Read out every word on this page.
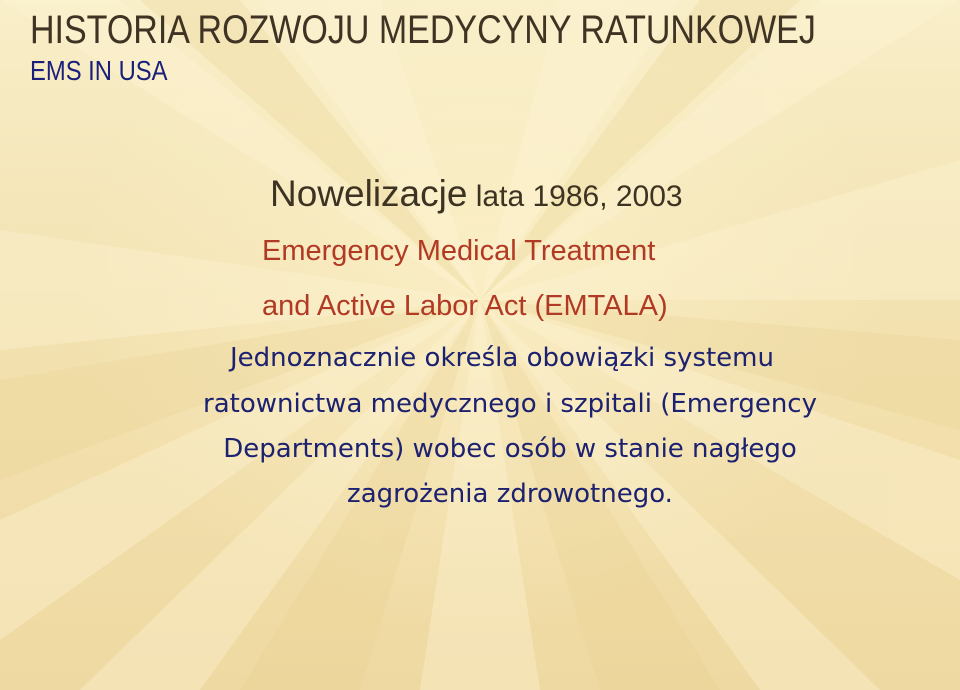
HISTORIA ROZWOJU MEDYCYNY RATUNKOWEJ
EMS IN USA
Nowelizacje lata 1986, 2003
Emergency Medical Treatment
and Active Labor Act (EMTALA)
Jednoznacznie określa obowiązki systemu
ratownictwa medycznego i szpitali (Emergency
Departments) wobec osób w stanie nagłego
zagrożenia zdrowotnego.
